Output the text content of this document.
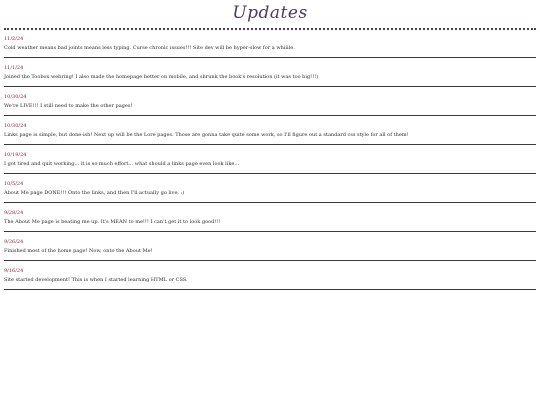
Updates
11/2/24
Cold weather means bad joints means less typing. Curse chronic issues!!! Site dev will be hyper-slow for a whiiile.
11/1/24
Joined the Toobox webring! I also made the homepage better on mobile, and shrunk the book's resolution (it was too big!!!)
10/30/24
We're LIVE!!! I still need to make the other pages!
10/30/24
Links page is simple, but done-ish! Next up will be the Lore pages. Those are gonna take quite some work, so I'll figure out a standard css style for all of them!
10/19/24
I got tired and quit working... it is so much effort... what should a links page even look like...
10/5/24
About Me page DONE!!! Onto the links, and then I'll actually go live. :)
9/28/24
The About Me page is beating me up. It's MEAN to me!!! I can't get it to look good!!!
9/26/24
Finished most of the home page! Now, onto the About Me!
9/16/24
Site started development! This is when I started learning HTML or CSS.
